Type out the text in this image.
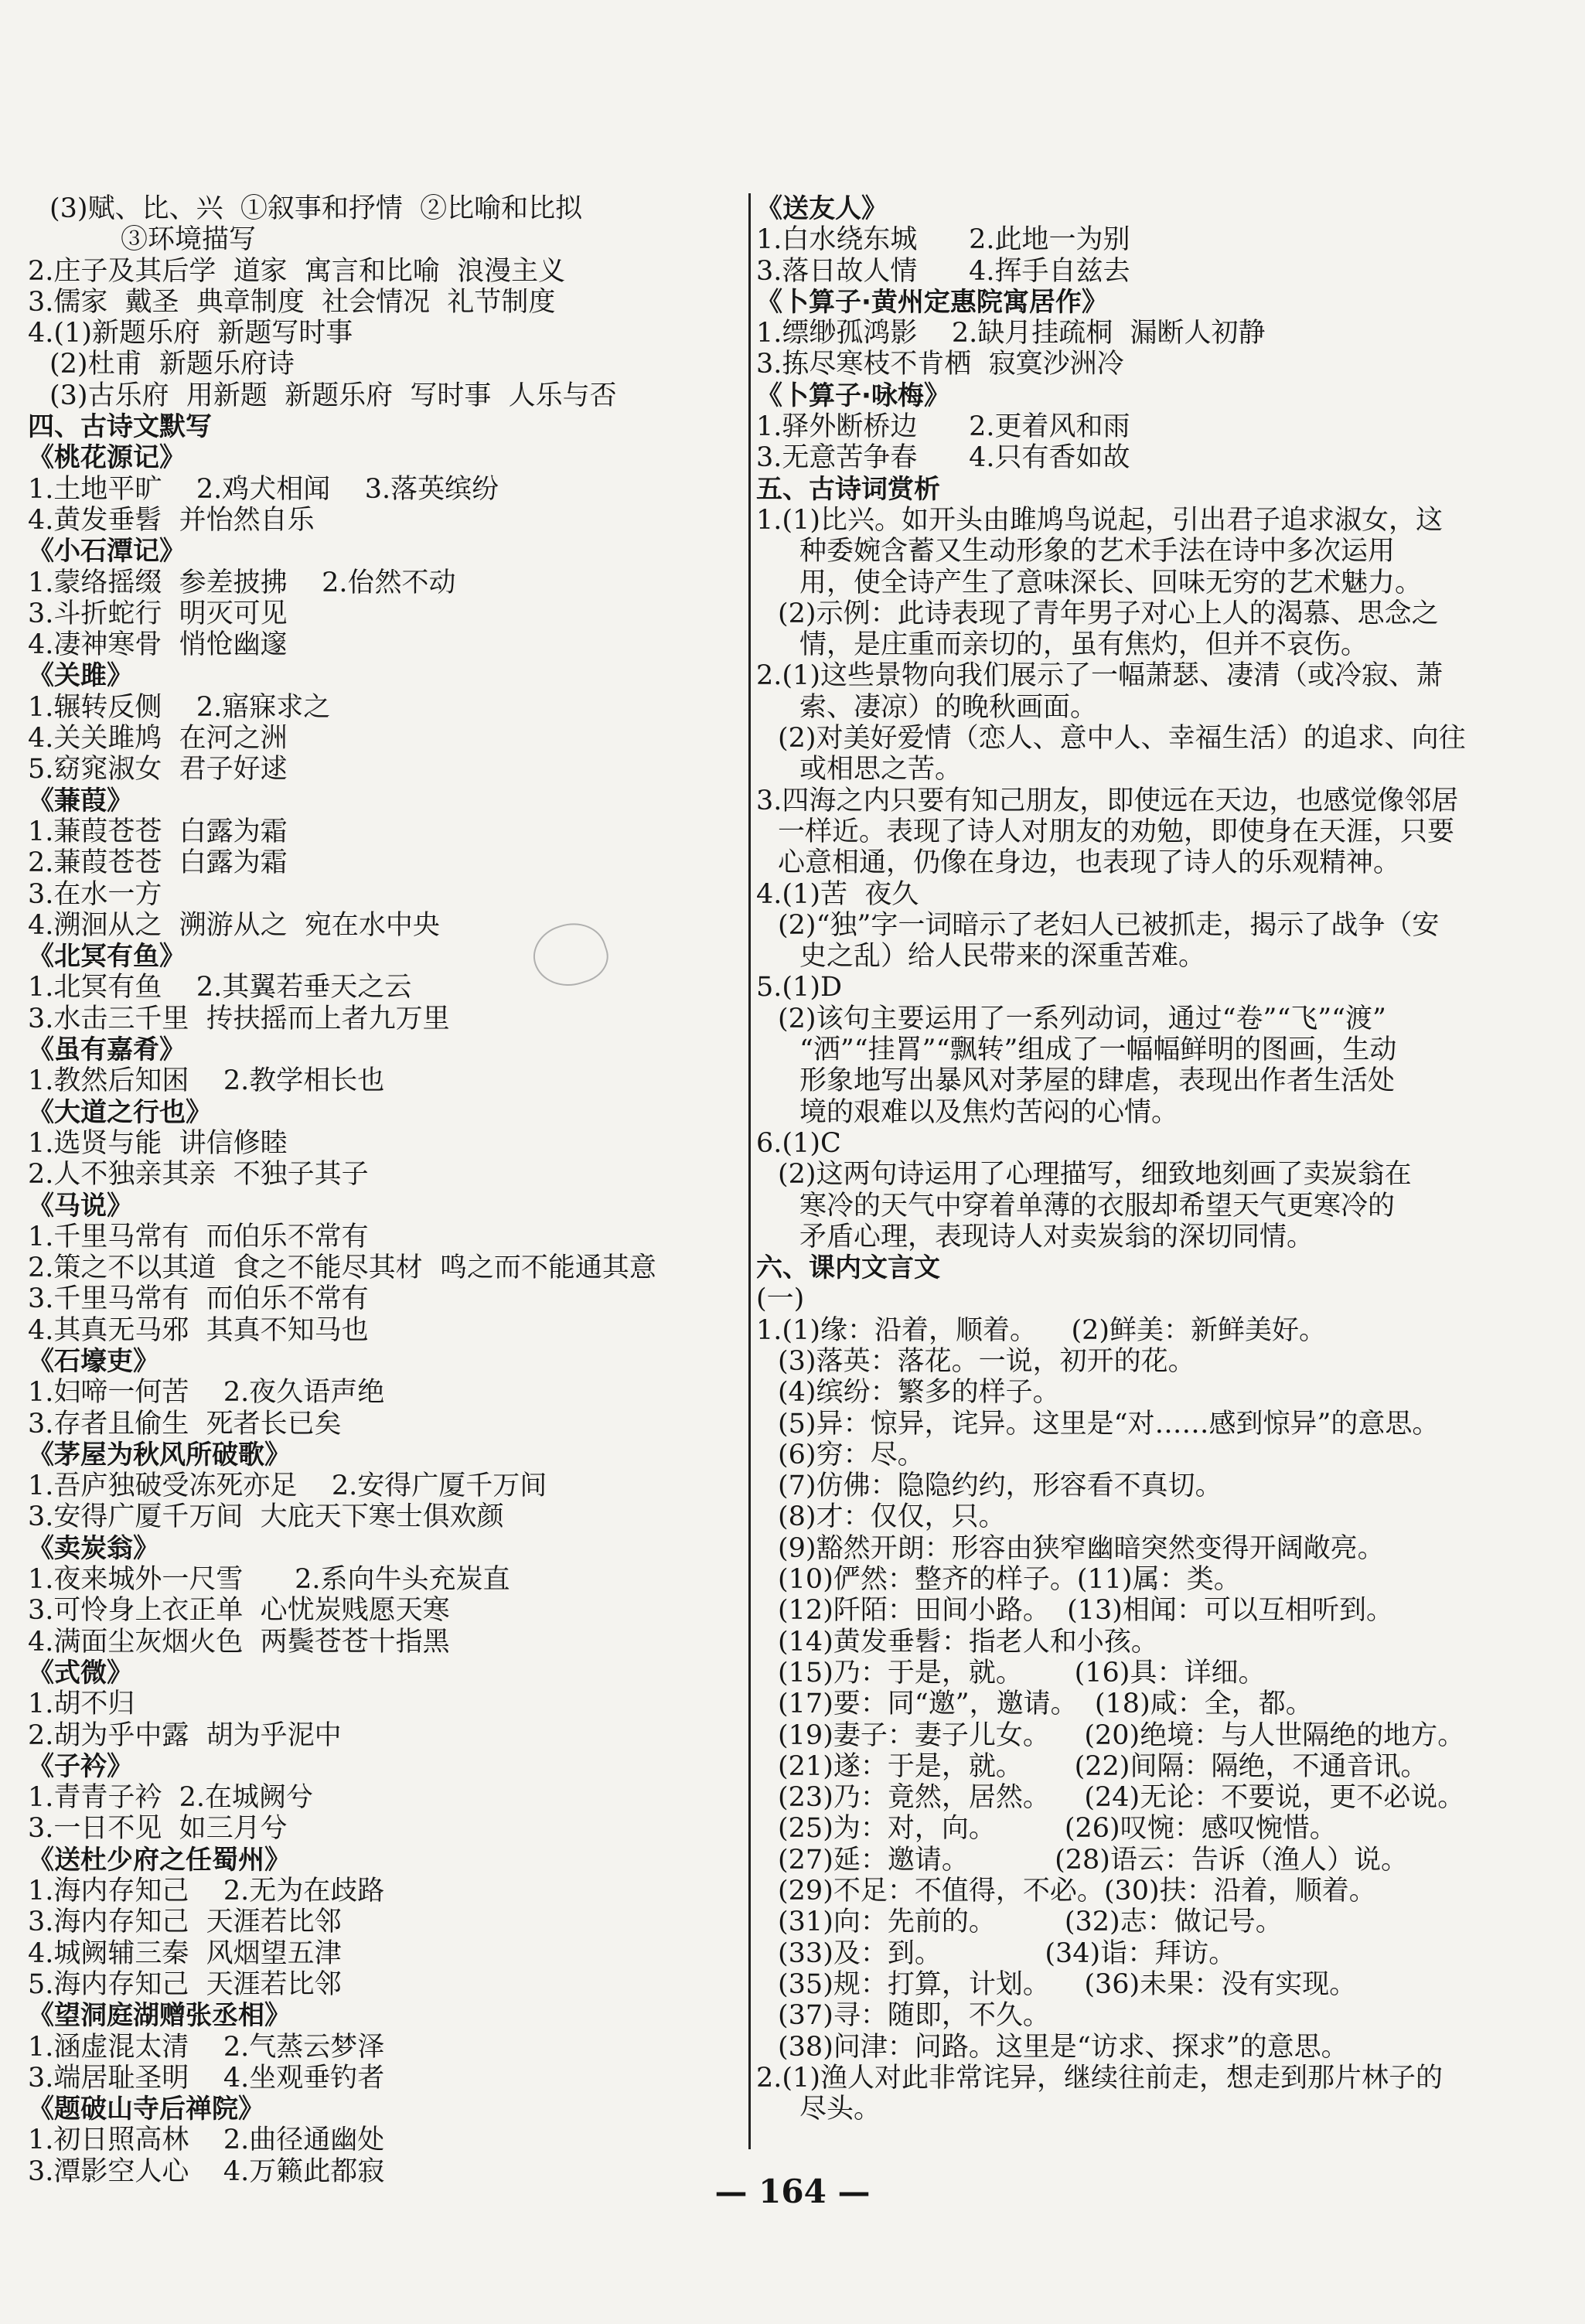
(3)赋、比、兴  ①叙事和抒情  ②比喻和比拟
③环境描写
2.庄子及其后学  道家  寓言和比喻  浪漫主义
3.儒家  戴圣  典章制度  社会情况  礼节制度
4.(1)新题乐府  新题写时事
(2)杜甫  新题乐府诗
(3)古乐府  用新题  新题乐府  写时事  人乐与否
四、古诗文默写
《桃花源记》
1.土地平旷    2.鸡犬相闻    3.落英缤纷
4.黄发垂髫  并怡然自乐
《小石潭记》
1.蒙络摇缀  参差披拂    2.佁然不动
3.斗折蛇行  明灭可见
4.凄神寒骨  悄怆幽邃
《关雎》
1.辗转反侧    2.寤寐求之
4.关关雎鸠  在河之洲
5.窈窕淑女  君子好逑
《蒹葭》
1.蒹葭苍苍  白露为霜
2.蒹葭苍苍  白露为霜
3.在水一方
4.溯洄从之  溯游从之  宛在水中央
《北冥有鱼》
1.北冥有鱼    2.其翼若垂天之云
3.水击三千里  抟扶摇而上者九万里
《虽有嘉肴》
1.教然后知困    2.教学相长也
《大道之行也》
1.选贤与能  讲信修睦
2.人不独亲其亲  不独子其子
《马说》
1.千里马常有  而伯乐不常有
2.策之不以其道  食之不能尽其材  鸣之而不能通其意
3.千里马常有  而伯乐不常有
4.其真无马邪  其真不知马也
《石壕吏》
1.妇啼一何苦    2.夜久语声绝
3.存者且偷生  死者长已矣
《茅屋为秋风所破歌》
1.吾庐独破受冻死亦足    2.安得广厦千万间
3.安得广厦千万间  大庇天下寒士俱欢颜
《卖炭翁》
1.夜来城外一尺雪      2.系向牛头充炭直
3.可怜身上衣正单  心忧炭贱愿天寒
4.满面尘灰烟火色  两鬓苍苍十指黑
《式微》
1.胡不归
2.胡为乎中露  胡为乎泥中
《子衿》
1.青青子衿  2.在城阙兮
3.一日不见  如三月兮
《送杜少府之任蜀州》
1.海内存知己    2.无为在歧路
3.海内存知己  天涯若比邻
4.城阙辅三秦  风烟望五津
5.海内存知己  天涯若比邻
《望洞庭湖赠张丞相》
1.涵虚混太清    2.气蒸云梦泽
3.端居耻圣明    4.坐观垂钓者
《题破山寺后禅院》
1.初日照高林    2.曲径通幽处
3.潭影空人心    4.万籁此都寂
《送友人》
1.白水绕东城      2.此地一为别
3.落日故人情      4.挥手自兹去
《卜算子·黄州定惠院寓居作》
1.缥缈孤鸿影    2.缺月挂疏桐  漏断人初静
3.拣尽寒枝不肯栖  寂寞沙洲冷
《卜算子·咏梅》
1.驿外断桥边      2.更着风和雨
3.无意苦争春      4.只有香如故
五、古诗词赏析
1.(1)比兴。如开头由雎鸠鸟说起，引出君子追求淑女，这
种委婉含蓄又生动形象的艺术手法在诗中多次运用
用，使全诗产生了意味深长、回味无穷的艺术魅力。
(2)示例：此诗表现了青年男子对心上人的渴慕、思念之
情，是庄重而亲切的，虽有焦灼，但并不哀伤。
2.(1)这些景物向我们展示了一幅萧瑟、凄清（或冷寂、萧
索、凄凉）的晚秋画面。
(2)对美好爱情（恋人、意中人、幸福生活）的追求、向往
或相思之苦。
3.四海之内只要有知己朋友，即使远在天边，也感觉像邻居
一样近。表现了诗人对朋友的劝勉，即使身在天涯，只要
心意相通，仍像在身边，也表现了诗人的乐观精神。
4.(1)苦  夜久
(2)“独”字一词暗示了老妇人已被抓走，揭示了战争（安
史之乱）给人民带来的深重苦难。
5.(1)D
(2)该句主要运用了一系列动词，通过“卷”“飞”“渡”
“洒”“挂罥”“飘转”组成了一幅幅鲜明的图画，生动
形象地写出暴风对茅屋的肆虐，表现出作者生活处
境的艰难以及焦灼苦闷的心情。
6.(1)C
(2)这两句诗运用了心理描写，细致地刻画了卖炭翁在
寒冷的天气中穿着单薄的衣服却希望天气更寒冷的
矛盾心理，表现诗人对卖炭翁的深切同情。
六、课内文言文
(一)
1.(1)缘：沿着，顺着。    (2)鲜美：新鲜美好。
(3)落英：落花。一说，初开的花。
(4)缤纷：繁多的样子。
(5)异：惊异，诧异。这里是“对……感到惊异”的意思。
(6)穷：尽。
(7)仿佛：隐隐约约，形容看不真切。
(8)才：仅仅，只。
(9)豁然开朗：形容由狭窄幽暗突然变得开阔敞亮。
(10)俨然：整齐的样子。(11)属：类。
(12)阡陌：田间小路。  (13)相闻：可以互相听到。
(14)黄发垂髫：指老人和小孩。
(15)乃：于是，就。      (16)具：详细。
(17)要：同“邀”，邀请。  (18)咸：全，都。
(19)妻子：妻子儿女。    (20)绝境：与人世隔绝的地方。
(21)遂：于是，就。      (22)间隔：隔绝，不通音讯。
(23)乃：竟然，居然。    (24)无论：不要说，更不必说。
(25)为：对，向。        (26)叹惋：感叹惋惜。
(27)延：邀请。          (28)语云：告诉（渔人）说。
(29)不足：不值得，不必。(30)扶：沿着，顺着。
(31)向：先前的。        (32)志：做记号。
(33)及：到。            (34)诣：拜访。
(35)规：打算，计划。    (36)未果：没有实现。
(37)寻：随即，不久。
(38)问津：问路。这里是“访求、探求”的意思。
2.(1)渔人对此非常诧异，继续往前走，想走到那片林子的
尽头。
— 164 —
